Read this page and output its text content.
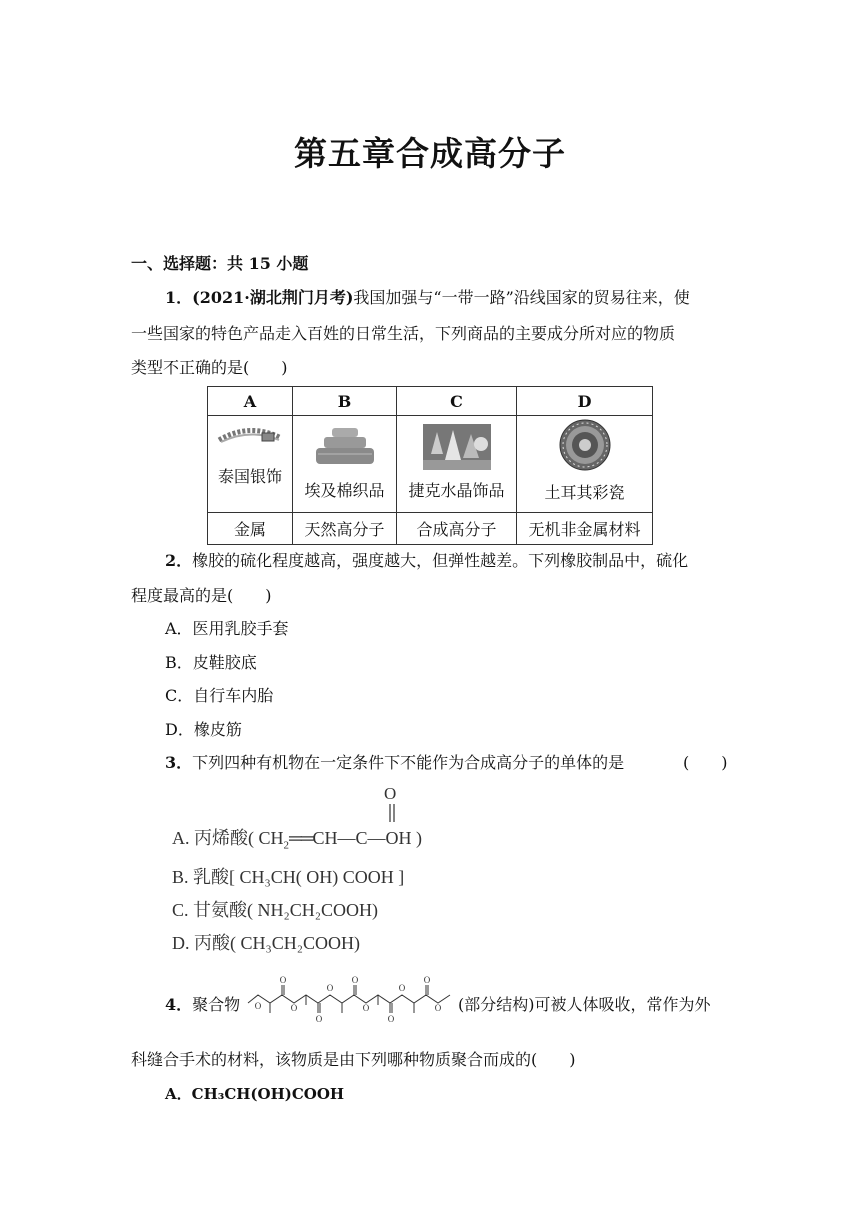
第五章合成高分子
一、选择题：共 15 小题
1．(2021·湖北荆门月考)我国加强与“一带一路”沿线国家的贸易往来，使
一些国家的特色产品走入百姓的日常生活，下列商品的主要成分所对应的物质
类型不正确的是(　　)
A	B	C	D

泰国银饰	埃及棉织品	捷克水晶饰品	土耳其彩瓷

金属	天然高分子	合成高分子	无机非金属材料
2．橡胶的硫化程度越高，强度越大，但弹性越差。下列橡胶制品中，硫化
程度最高的是(　　)
A．医用乳胶手套
B．皮鞋胶底
C．自行车内胎
D．橡皮筋
3．下列四种有机物在一定条件下不能作为合成高分子的单体的是	(　　)
O
A. 丙烯酸( $CH_2══CH—C—OH$ )
B. 乳酸[ CH₃CH( OH) COOH ]
C. 甘氨酸( NH₂CH₂COOH)
D. 丙酸( CH₃CH₂COOH)
4．聚合物
O	O	O
O	O
O	O
O
O
O
O (部分结构)可被人体吸收，常作为外
科缝合手术的材料，该物质是由下列哪种物质聚合而成的(　　)
A．CH₃CH(OH)COOH
